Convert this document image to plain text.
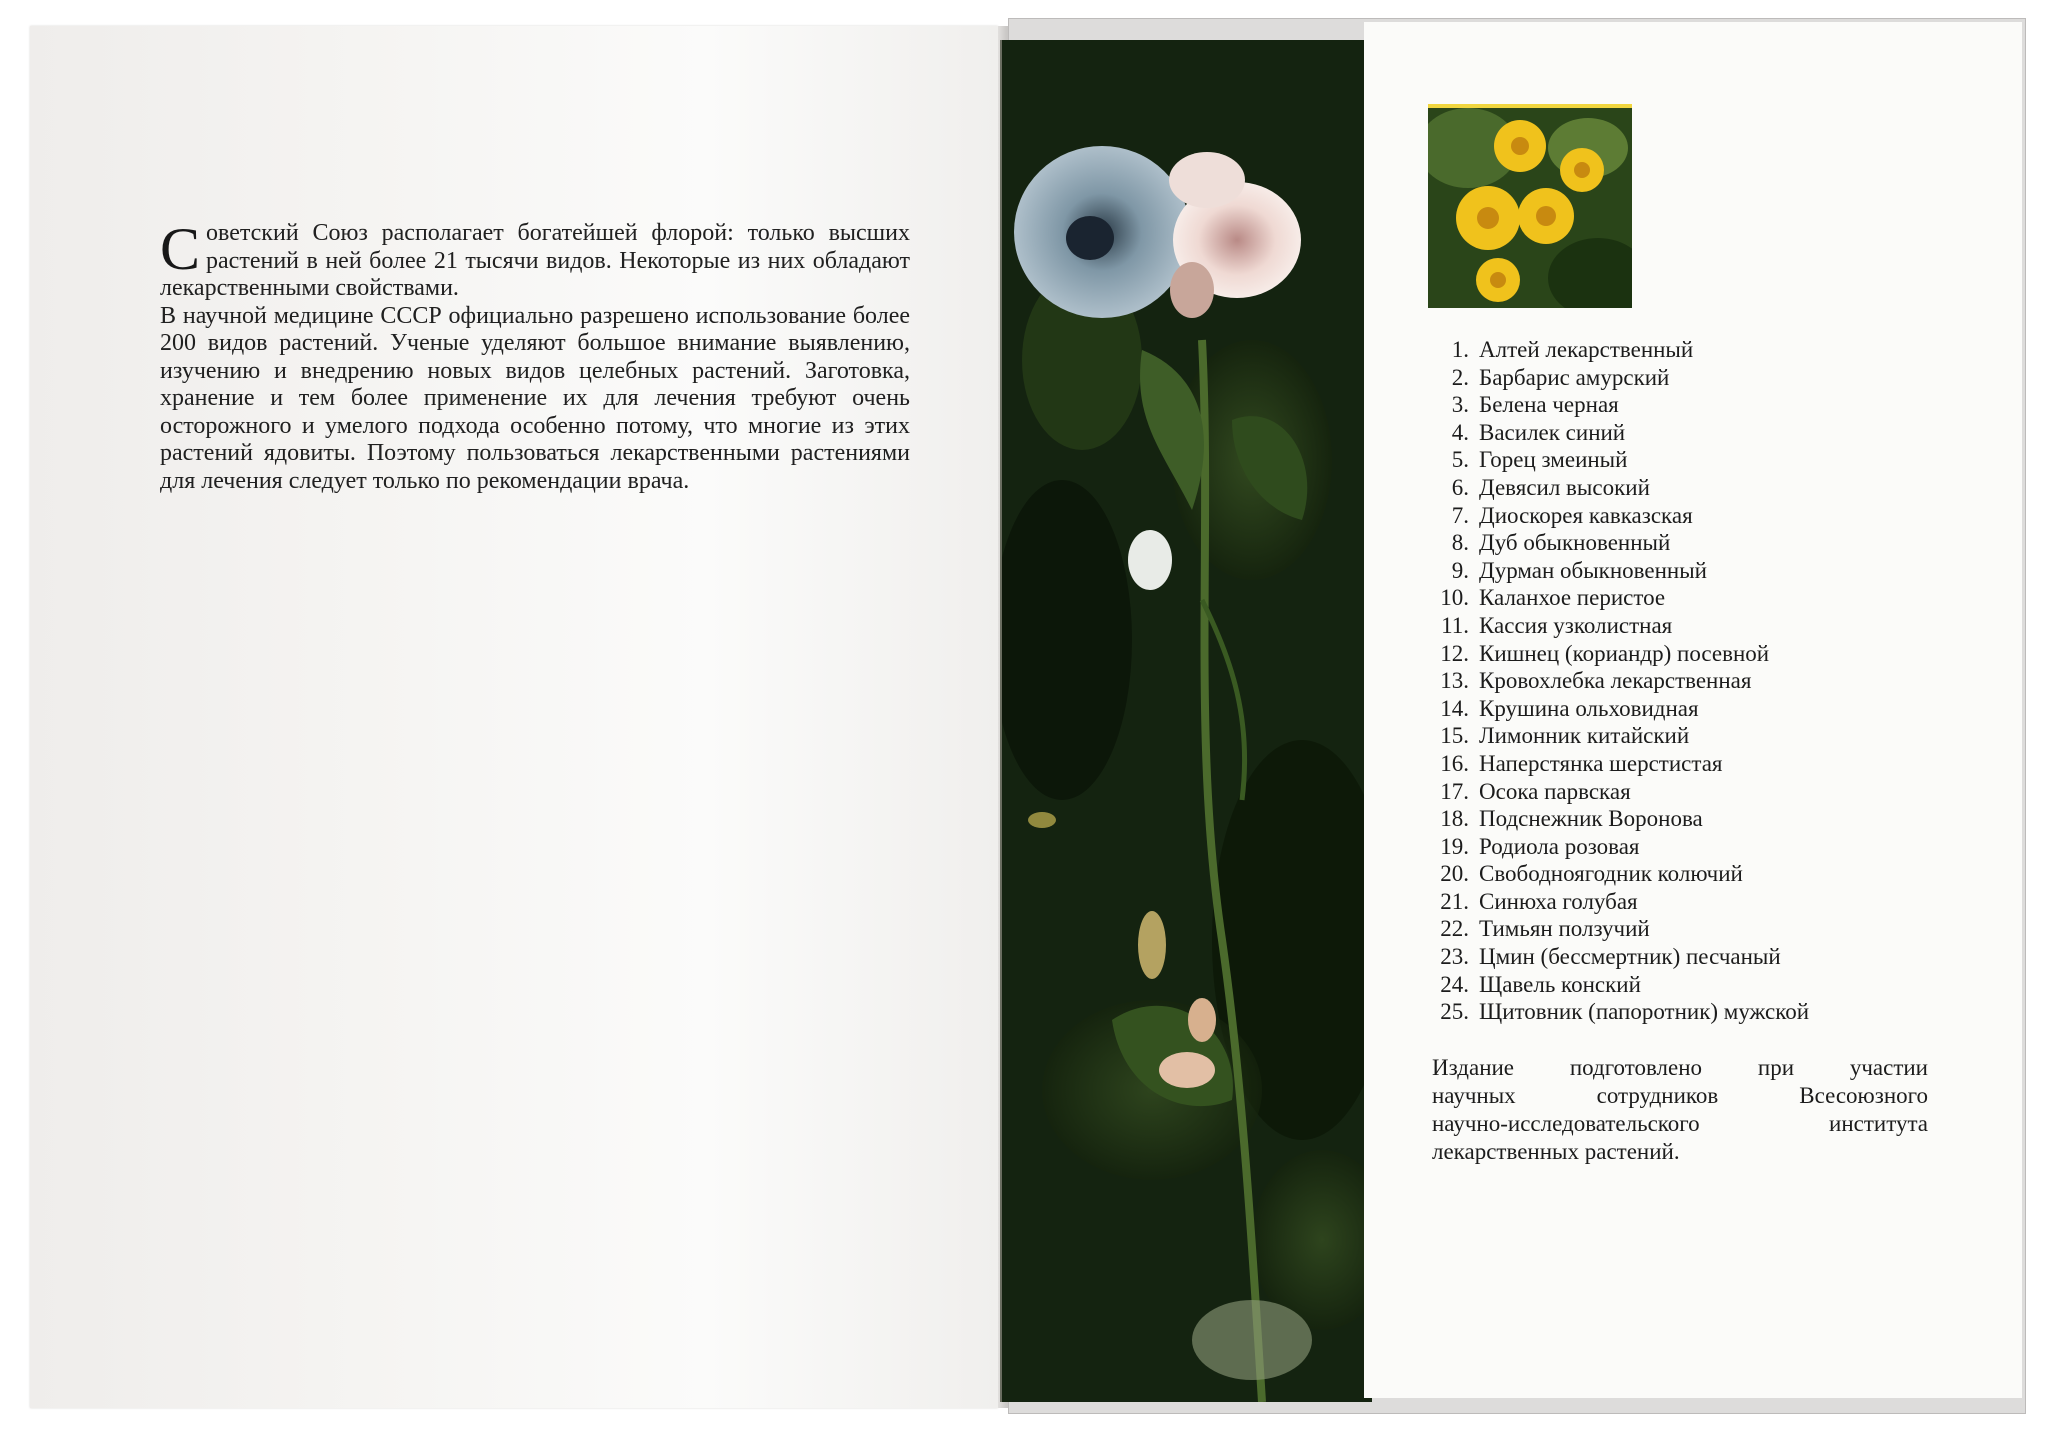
Советский Союз располагает богатейшей флорой: только высших растений в ней более 21 тысячи видов. Некоторые из них обладают лекарственными свойствами.

В научной медицине СССР официально разрешено использование более 200 видов растений. Ученые уделяют большое внимание выявлению, изучению и внедрению новых видов целебных растений. Заготовка, хранение и тем более применение их для лечения требуют очень осторожного и умелого подхода особенно потому, что многие из этих растений ядовиты. Поэтому пользоваться лекарственными растениями для лечения следует только по рекомендации врача.

1. Алтей лекарственный
2. Барбарис амурский
3. Белена черная
4. Василек синий
5. Горец змеиный
6. Девясил высокий
7. Диоскорея кавказская
8. Дуб обыкновенный
9. Дурман обыкновенный
10. Каланхое перистое
11. Кассия узколистная
12. Кишнец (кориандр) посевной
13. Кровохлебка лекарственная
14. Крушина ольховидная
15. Лимонник китайский
16. Наперстянка шерстистая
17. Осока парвская
18. Подснежник Воронова
19. Родиола розовая
20. Свободноягодник колючий
21. Синюха голубая
22. Тимьян ползучий
23. Цмин (бессмертник) песчаный
24. Щавель конский
25. Щитовник (папоротник) мужской
Издание подготовлено при участии
научных сотрудников Всесоюзного
научно-исследовательского института
лекарственных растений.
